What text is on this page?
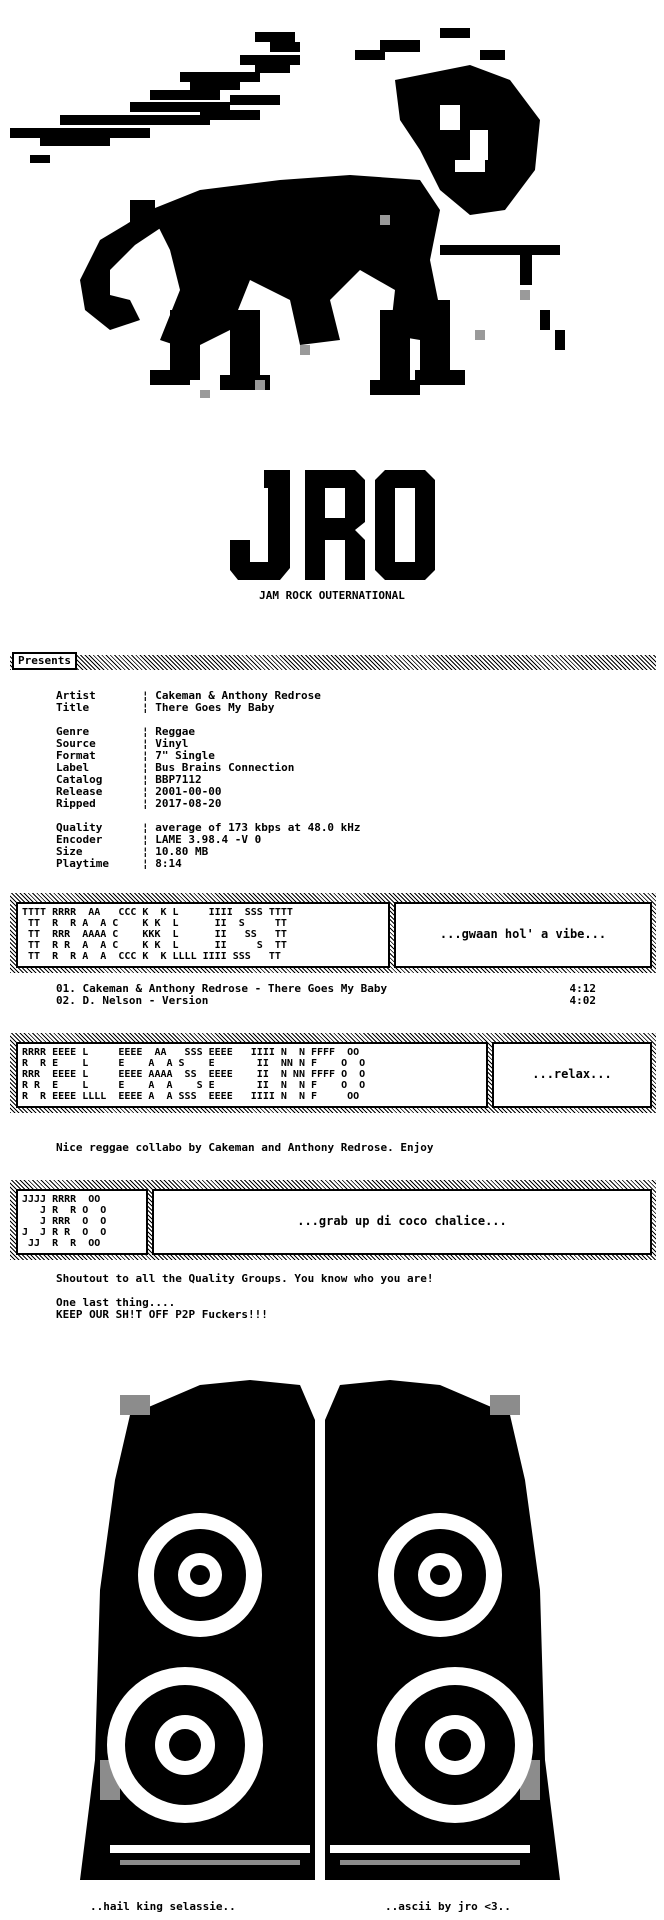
JAM ROCK OUTERNATIONAL
Presents
Artist	¦ Cakeman & Anthony Redrose
Title	¦ There Goes My Baby

Genre	¦ Reggae
Source	¦ Vinyl
Format	¦ 7" Single
Label	¦ Bus Brains Connection
Catalog	¦ BBP7112
Release	¦ 2001-00-00
Ripped	¦ 2017-08-20

Quality	¦ average of 173 kbps at 48.0 kHz
Encoder	¦ LAME 3.98.4 -V 0
Size	¦ 10.80 MB
Playtime	¦ 8:14
TTTT RRRR  AA   CCC K  K L     IIII  SSS TTTT
TT  R  R A  A C    K K  L      II  S     TT
TT  RRR  AAAA C    KKK  L      II   SS   TT
TT  R R  A  A C    K K  L      II     S  TT
TT  R  R A  A  CCC K  K LLLL IIII SSS   TT
...gwaan hol' a vibe...
01. Cakeman & Anthony Redrose - There Goes My Baby	4:12
02. D. Nelson - Version	4:02
RRRR EEEE L     EEEE  AA   SSS EEEE   IIII N  N FFFF  OO
R  R E    L     E    A  A S    E       II  NN N F    O  O
RRR  EEEE L     EEEE AAAA  SS  EEEE    II  N NN FFFF O  O
R R  E    L     E    A  A    S E       II  N  N F    O  O
R  R EEEE LLLL  EEEE A  A SSS  EEEE   IIII N  N F     OO
...relax...
Nice reggae collabo by Cakeman and Anthony Redrose. Enjoy
JJJJ RRRR  OO
J R  R O  O
J RRR  O  O
J  J R R  O  O
JJ  R  R  OO
...grab up di coco chalice...
Shoutout to all the Quality Groups. You know who you are!
One last thing....
KEEP OUR SH!T OFF P2P Fuckers!!!
..hail king selassie..	..ascii by jro <3..
